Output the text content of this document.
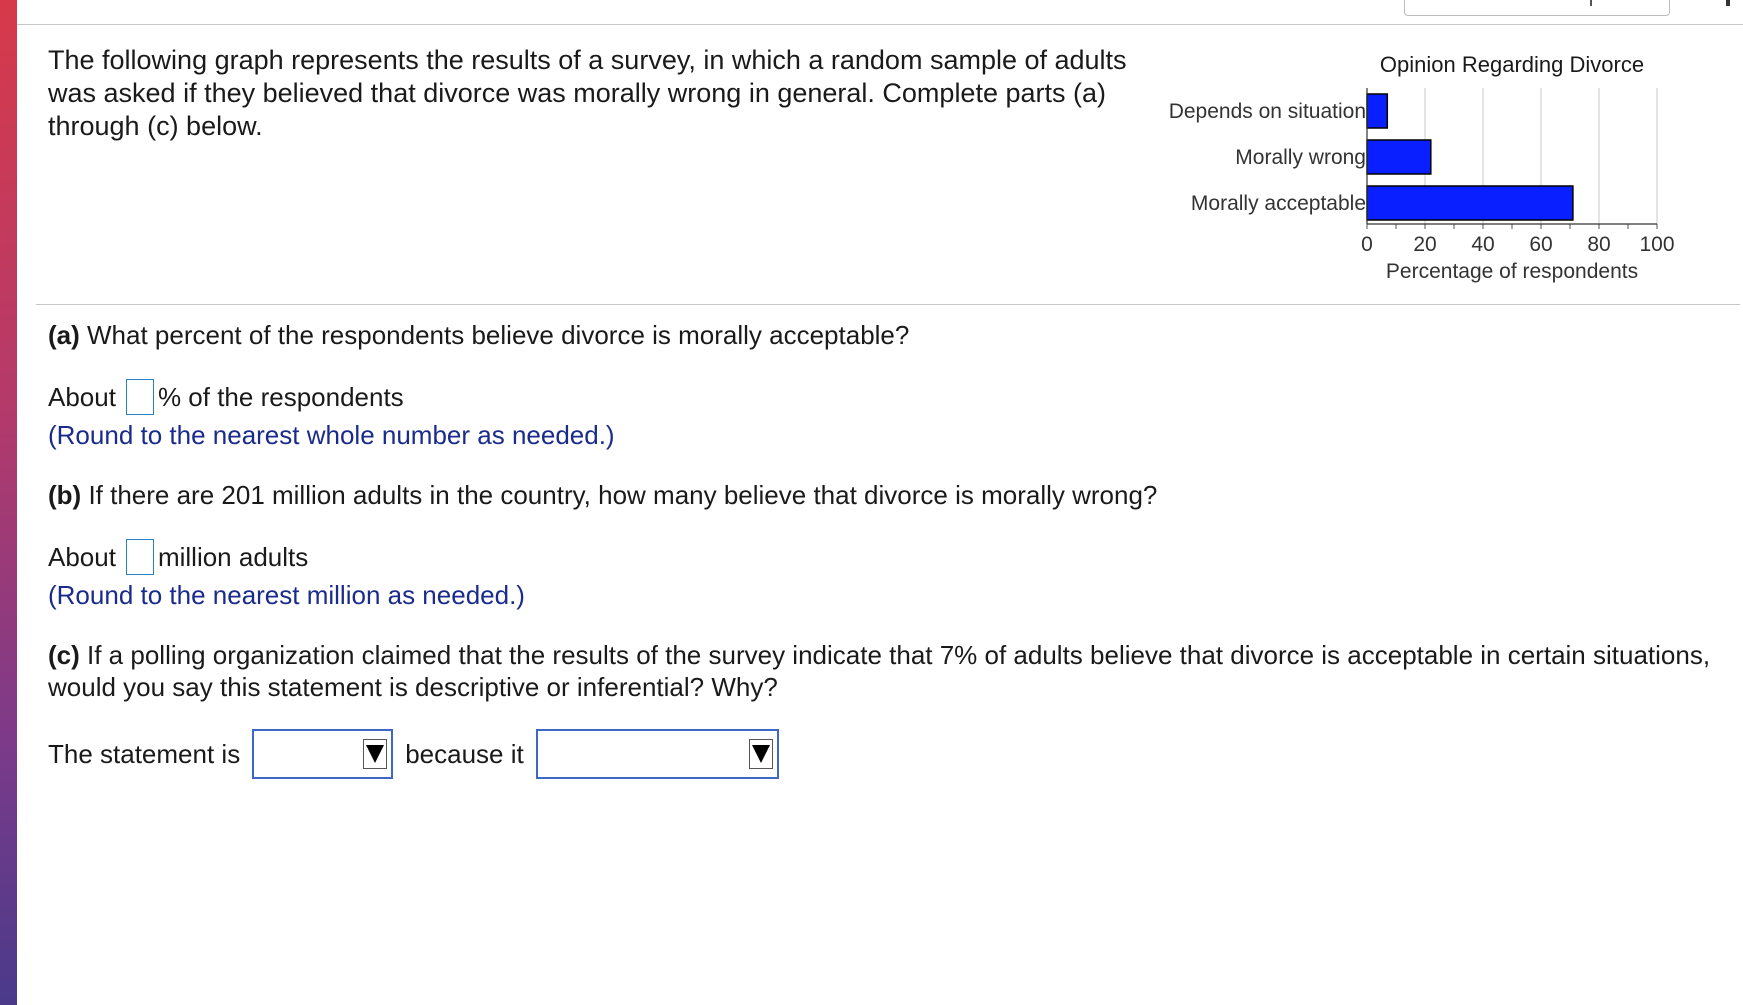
The following graph represents the results of a survey, in which a random sample of adults was asked if they believed that divorce was morally wrong in general. Complete parts (a) through (c) below.

Opinion Regarding Divorce
Depends on situation
Morally wrong
Morally acceptable
0 20 40 60 80 100
Percentage of respondents

(a) What percent of the respondents believe divorce is morally acceptable?

About % of the respondents
(Round to the nearest whole number as needed.)

(b) If there are 201 million adults in the country, how many believe that divorce is morally wrong?

About million adults
(Round to the nearest million as needed.)

(c) If a polling organization claimed that the results of the survey indicate that 7% of adults believe that divorce is acceptable in certain situations, would you say this statement is descriptive or inferential? Why?

The statement is	because it
